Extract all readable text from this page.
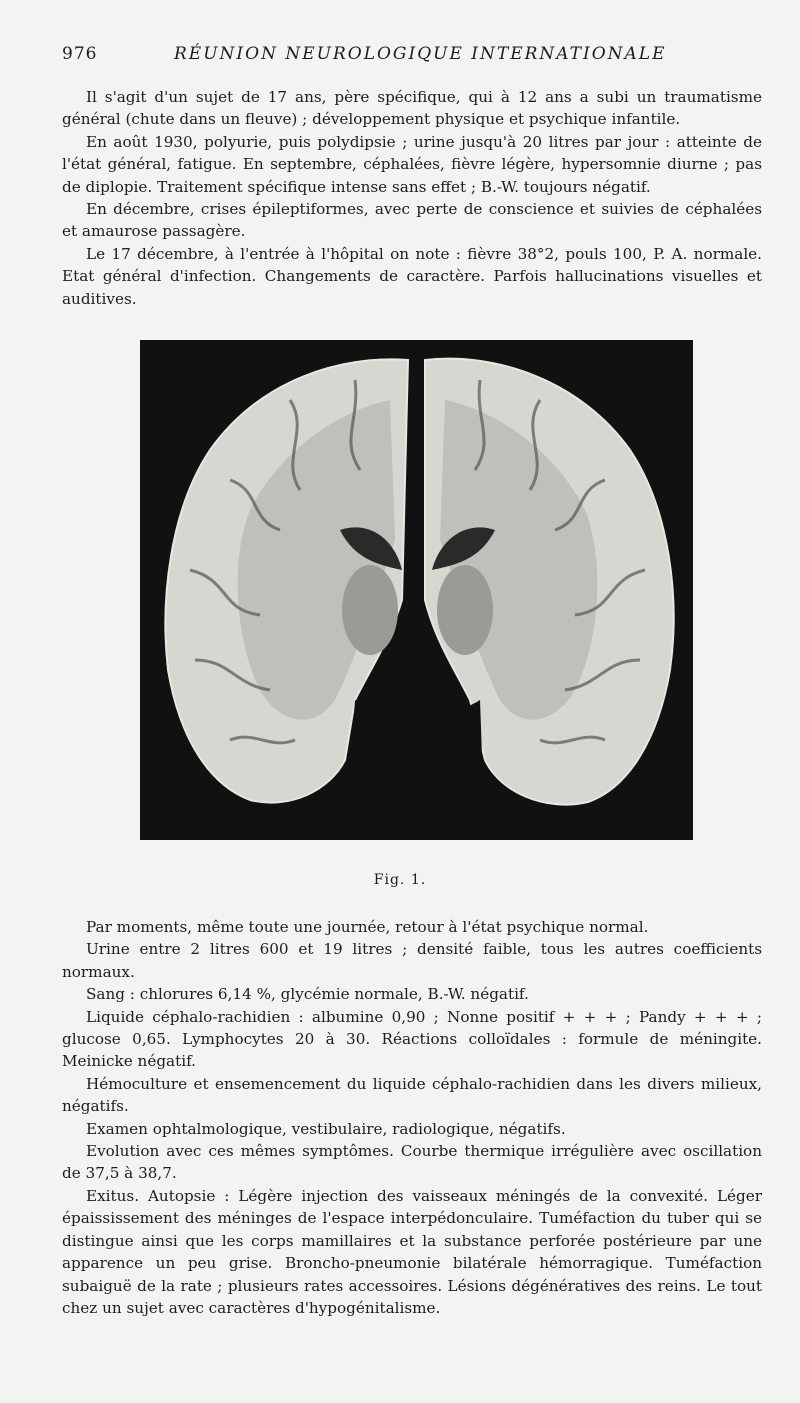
976	RÉUNION NEUROLOGIQUE INTERNATIONALE

Il s'agit d'un sujet de 17 ans, père spécifique, qui à 12 ans a subi un traumatisme général (chute dans un fleuve) ; développement physique et psychique infantile.

En août 1930, polyurie, puis polydipsie ; urine jusqu'à 20 litres par jour : atteinte de l'état général, fatigue. En septembre, céphalées, fièvre légère, hypersomnie diurne ; pas de diplopie. Traitement spécifique intense sans effet ; B.-W. toujours négatif.

En décembre, crises épileptiformes, avec perte de conscience et suivies de céphalées et amaurose passagère.

Le 17 décembre, à l'entrée à l'hôpital on note : fièvre 38°2, pouls 100, P. A. normale. Etat général d'infection. Changements de caractère. Parfois hallucinations visuelles et auditives.

Fig. 1.

Par moments, même toute une journée, retour à l'état psychique normal.

Urine entre 2 litres 600 et 19 litres ; densité faible, tous les autres coefficients normaux.

Sang : chlorures 6,14 %, glycémie normale, B.-W. négatif.

Liquide céphalo-rachidien : albumine 0,90 ; Nonne positif + + + ; Pandy + + + ; glucose 0,65. Lymphocytes 20 à 30. Réactions colloïdales : formule de méningite. Meinicke négatif.

Hémoculture et ensemencement du liquide céphalo-rachidien dans les divers milieux, négatifs.

Examen ophtalmologique, vestibulaire, radiologique, négatifs.

Evolution avec ces mêmes symptômes. Courbe thermique irrégulière avec oscillation de 37,5 à 38,7.

Exitus. Autopsie : Légère injection des vaisseaux méningés de la convexité. Léger épaississement des méninges de l'espace interpédonculaire. Tuméfaction du tuber qui se distingue ainsi que les corps mamillaires et la substance perforée postérieure par une apparence un peu grise. Broncho-pneumonie bilatérale hémorragique. Tuméfaction subaiguë de la rate ; plusieurs rates accessoires. Lésions dégénératives des reins. Le tout chez un sujet avec caractères d'hypogénitalisme.
